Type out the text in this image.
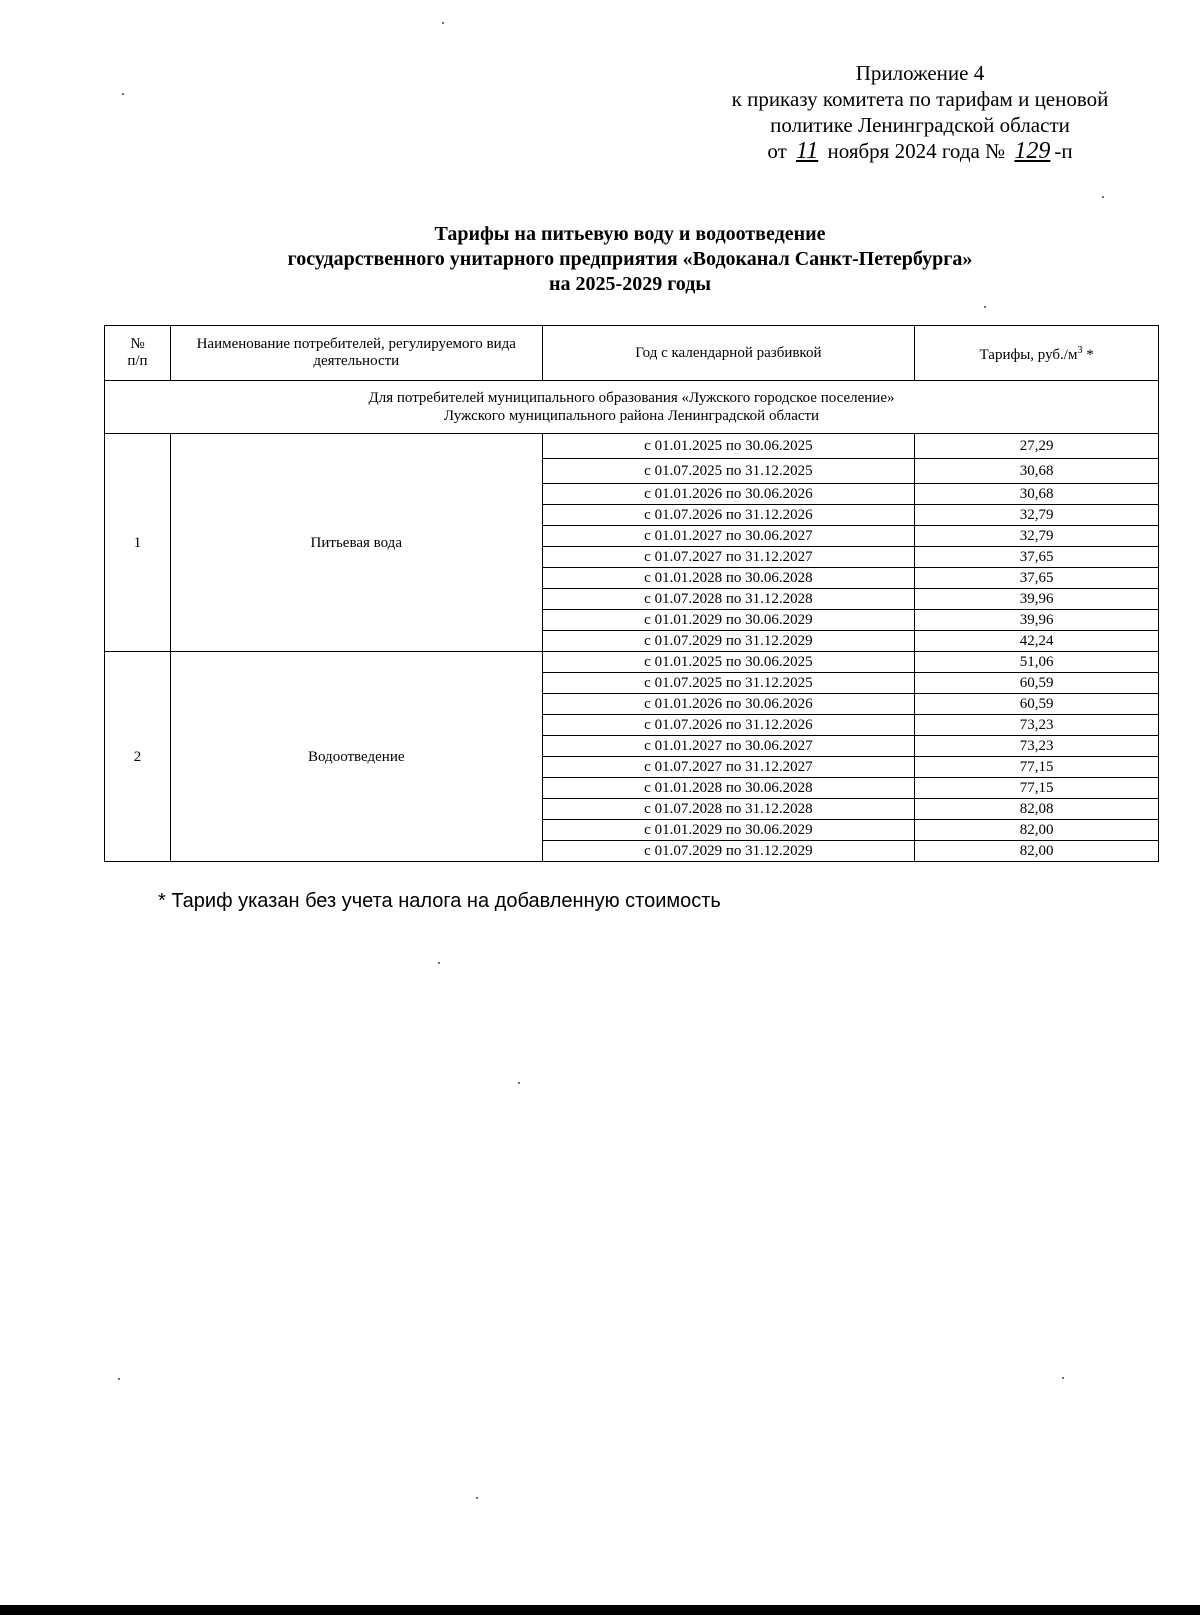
Приложение 4
к приказу комитета по тарифам и ценовой
политике Ленинградской области
от 11 ноября 2024 года № 129 -п
Тарифы на питьевую воду и водоотведение
государственного унитарного предприятия «Водоканал Санкт-Петербурга»
на 2025-2029 годы
№
п/п	Наименование потребителей, регулируемого вида деятельности	Год с календарной разбивкой	Тарифы, $руб./м^3$ *

Для потребителей муниципального образования «Лужского городское поселение»
Лужского муниципального района Ленинградской области			

1	Питьевая вода	с 01.01.2025 по 30.06.2025	27,29
		с 01.07.2025 по 31.12.2025	30,68
		с 01.01.2026 по 30.06.2026	30,68
		с 01.07.2026 по 31.12.2026	32,79
		с 01.01.2027 по 30.06.2027	32,79
		с 01.07.2027 по 31.12.2027	37,65
		с 01.01.2028 по 30.06.2028	37,65
		с 01.07.2028 по 31.12.2028	39,96
		с 01.01.2029 по 30.06.2029	39,96
		с 01.07.2029 по 31.12.2029	42,24
2	Водоотведение	с 01.01.2025 по 30.06.2025	51,06
		с 01.07.2025 по 31.12.2025	60,59
		с 01.01.2026 по 30.06.2026	60,59
		с 01.07.2026 по 31.12.2026	73,23
		с 01.01.2027 по 30.06.2027	73,23
		с 01.07.2027 по 31.12.2027	77,15
		с 01.01.2028 по 30.06.2028	77,15
		с 01.07.2028 по 31.12.2028	82,08
		с 01.01.2029 по 30.06.2029	82,00
		с 01.07.2029 по 31.12.2029	82,00
* Тариф указан без учета налога на добавленную стоимость
